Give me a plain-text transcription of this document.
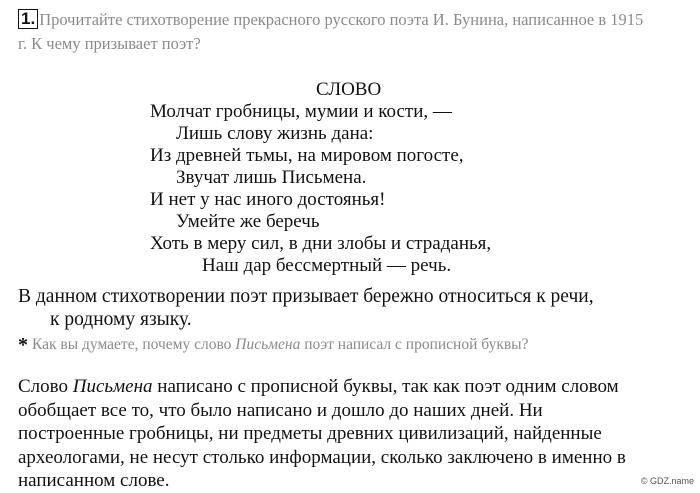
1. Прочитайте стихотворение прекрасного русского поэта И. Бунина, написанное в 1915
г. К чему призывает поэт?
СЛОВО
Молчат гробницы, мумии и кости, —
Лишь слову жизнь дана:
Из древней тьмы, на мировом погосте,
Звучат лишь Письмена.
И нет у нас иного достоянья!
Умейте же беречь
Хоть в меру сил, в дни злобы и страданья,
Наш дар бессмертный — речь.
В данном стихотворении поэт призывает бережно относиться к речи,
к родному языку.
* Как вы думаете, почему слово Письмена поэт написал с прописной буквы?
Слово Письмена написано с прописной буквы, так как поэт одним словом
обобщает все то, что было написано и дошло до наших дней. Ни
построенные гробницы, ни предметы древних цивилизаций, найденные
археологами, не несут столько информации, сколько заключено в именно в
написанном слове.	© GDZ.name
